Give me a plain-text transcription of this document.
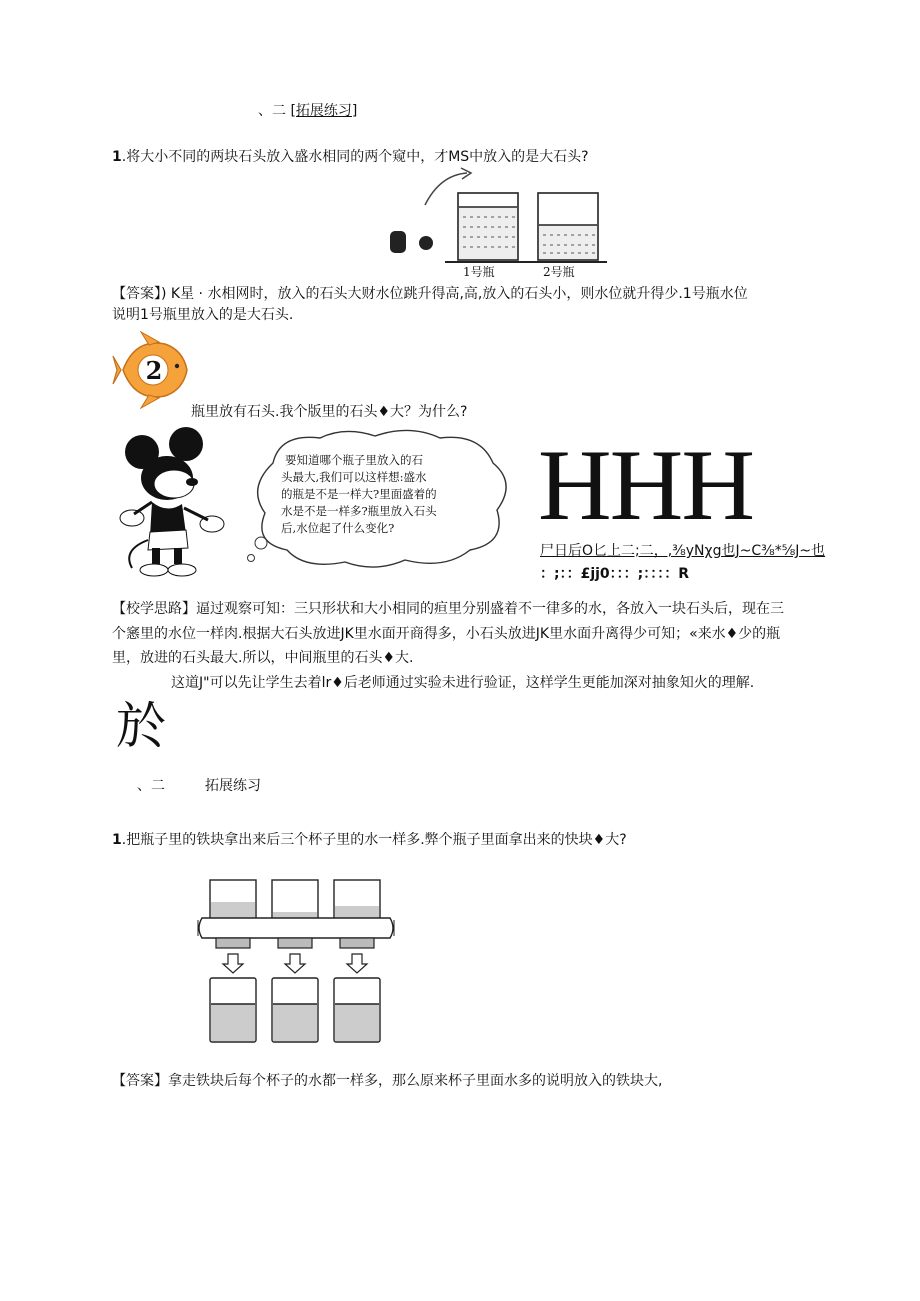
、二 [拓展练习]
1.将大小不同的两块石头放入盛水相同的两个窥中，才MS中放入的是大石头?
1号瓶	2号瓶
【答案】) K星 · 水相网时，放入的石头大财水位跳升得高,高,放入的石头小，则水位就升得少.1号瓶水位
说明1号瓶里放入的是大石头.
2
瓶里放有石头.我个版里的石头♦大？为什么?
要知道哪个瓶子里放入的石
头最大,我们可以这样想:盛水
的瓶是不是一样大?里面盛着的
水是不是一样多?瓶里放入石头
后,水位起了什么变化? HHH
尸日后O匕上二;二，,⅜yNχg也J~C⅜*⅝J~也
：;：：£jj0：：：;：：：：R
【校学思路】逼过观察可知：三只形状和大小相同的疸里分别盛着不一律多的水，各放入一块石头后，现在三
个窸里的水位一样肉.根据大石头放进JK里水面开商得多，小石头放进JK里水面升离得少可知；«来水♦少的瓶
里，放进的石头最大.所以，中间瓶里的石头♦大.
这道J"可以先让学生去着lr♦后老师通过实验未进行验证，这样学生更能加深对抽象知火的理解.
於
、二	拓展练习
1.把瓶子里的铁块拿出来后三个杯子里的水一样多.弊个瓶子里面拿出来的快块♦大?
【答案】拿走铁块后每个杯子的水都一样多，那么原来杯子里面水多的说明放入的铁块大,
